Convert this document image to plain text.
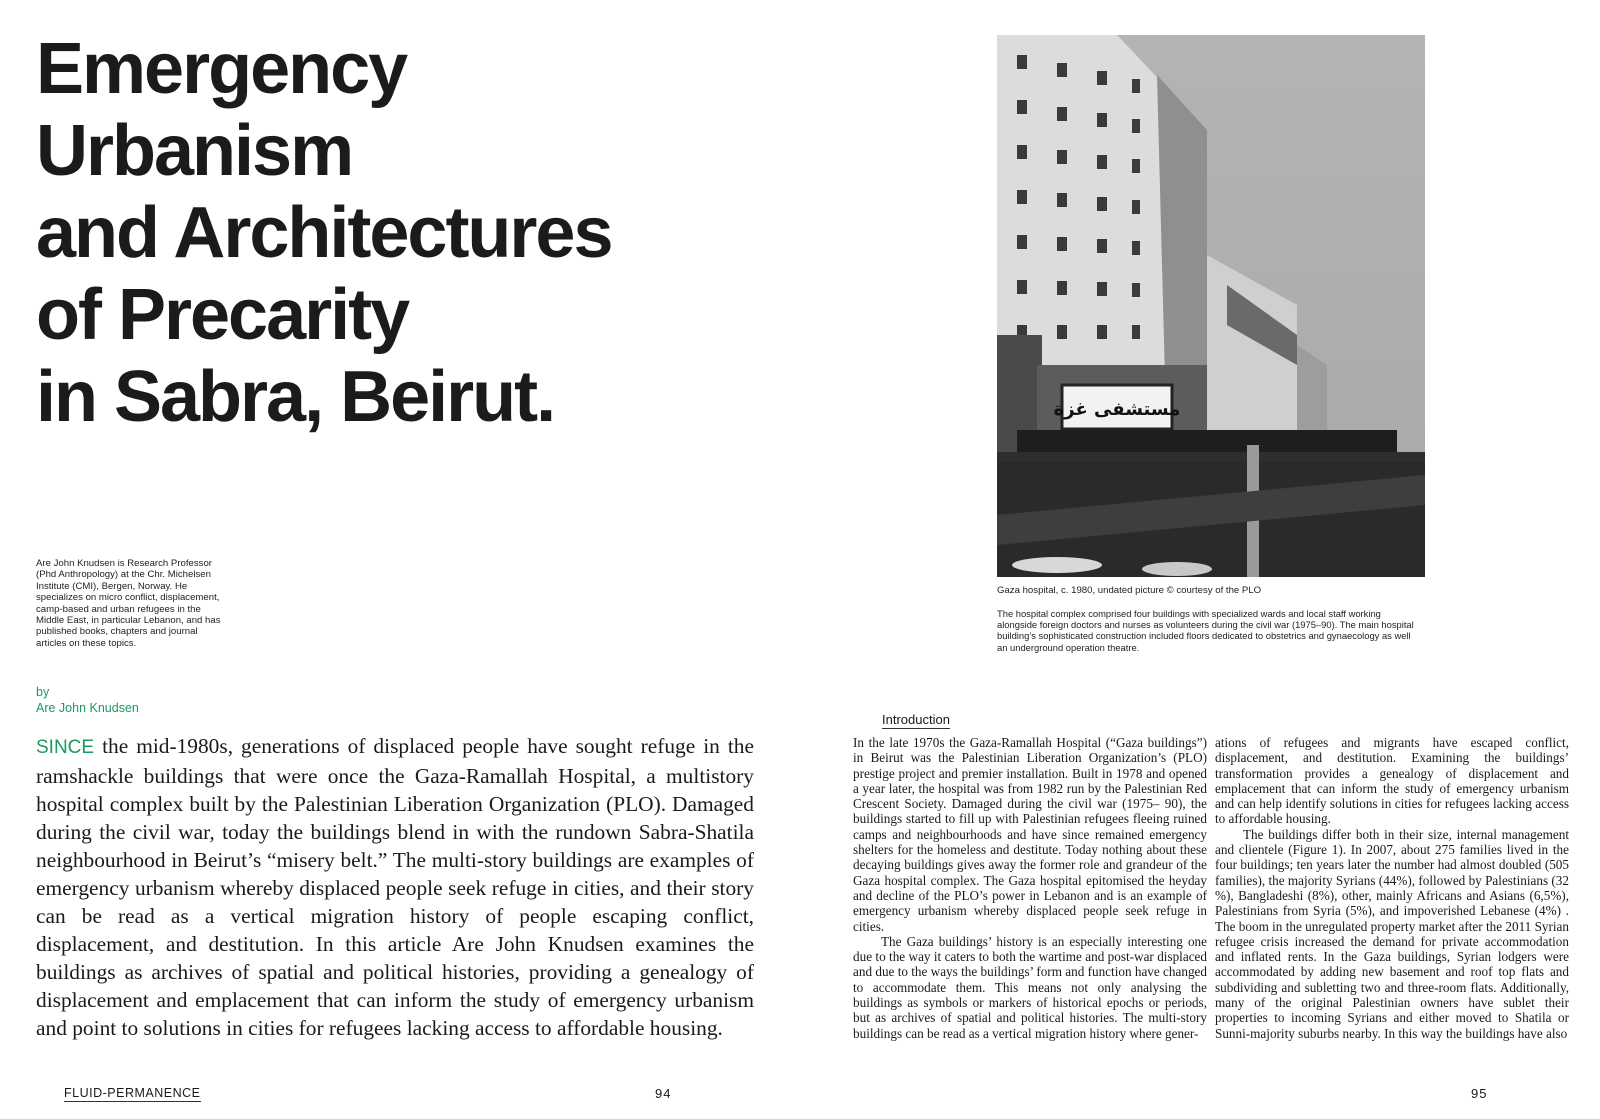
Emergency
Urbanism
and Architectures
of Precarity
in Sabra, Beirut.
Are John Knudsen is Research Professor (Phd Anthropology) at the Chr. Michelsen Institute (CMI), Bergen, Norway. He specializes on micro conflict, displacement, camp-based and urban refugees in the Middle East, in particular Lebanon, and has published books, chapters and journal articles on these topics.
by
Are John Knudsen

SINCE the mid-1980s, generations of displaced people have sought refuge in the ramshackle buildings that were once the Gaza-Ramallah Hospital, a multistory hospital complex built by the Palestinian Liberation Organization (PLO). Damaged during the civil war, today the buildings blend in with the rundown Sabra-Shatila neighbourhood in Beirut’s “misery belt.” The multi-story buildings are examples of emergency urbanism whereby displaced people seek refuge in cities, and their story can be read as a vertical migration history of people escaping conflict, displacement, and destitution. In this article Are John Knudsen examines the buildings as archives of spatial and political histories, providing a genealogy of displacement and emplacement that can inform the study of emergency urbanism and point to solutions in cities for refugees lacking access to affordable housing.

FLUID-PERMANENCE	94
مستشفى غزة
Gaza hospital, c. 1980, undated picture © courtesy of the PLO
The hospital complex comprised four buildings with specialized wards and local staff working alongside foreign doctors and nurses as volunteers during the civil war (1975–90). The main hospital building’s sophisticated construction included floors dedicated to obstetrics and gynaecology as well an underground operation theatre.
Introduction

In the late 1970s the Gaza-Ramallah Hospital (“Gaza buildings”) in Beirut was the Palestinian Liberation Organization’s (PLO) prestige project and premier installation. Built in 1978 and opened a year later, the hospital was from 1982 run by the Palestinian Red Crescent Society. Damaged during the civil war (1975– 90), the buildings started to fill up with Palestinian refugees fleeing ruined camps and neighbourhoods and have since remained emergency shelters for the homeless and destitute. Today nothing about these decaying buildings gives away the former role and grandeur of the Gaza hospital complex. The Gaza hospital epitomised the heyday and decline of the PLO’s power in Lebanon and is an example of emergency urbanism whereby displaced people seek refuge in cities.

The Gaza buildings’ history is an especially interesting one due to the way it caters to both the wartime and post-war displaced and due to the ways the buildings’ form and function have changed to accommodate them. This means not only analysing the buildings as symbols or markers of historical epochs or periods, but as archives of spatial and political histories. The multi-story buildings can be read as a vertical migration history where gener-

ations of refugees and migrants have escaped conflict, displacement, and destitution. Examining the buildings’ transformation provides a genealogy of displacement and emplacement that can inform the study of emergency urbanism and can help identify solutions in cities for refugees lacking access to affordable housing.

The buildings differ both in their size, internal management and clientele (Figure 1). In 2007, about 275 families lived in the four buildings; ten years later the number had almost doubled (505 families), the majority Syrians (44%), followed by Palestinians (32 %), Bangladeshi (8%), other, mainly Africans and Asians (6,5%), Palestinians from Syria (5%), and impoverished Lebanese (4%) . The boom in the unregulated property market after the 2011 Syrian refugee crisis increased the demand for private accommodation and inflated rents. In the Gaza buildings, Syrian lodgers were accommodated by adding new basement and roof top flats and subdividing and subletting two and three-room flats. Additionally, many of the original Palestinian owners have sublet their properties to incoming Syrians and either moved to Shatila or Sunni-majority suburbs nearby. In this way the buildings have also

95
